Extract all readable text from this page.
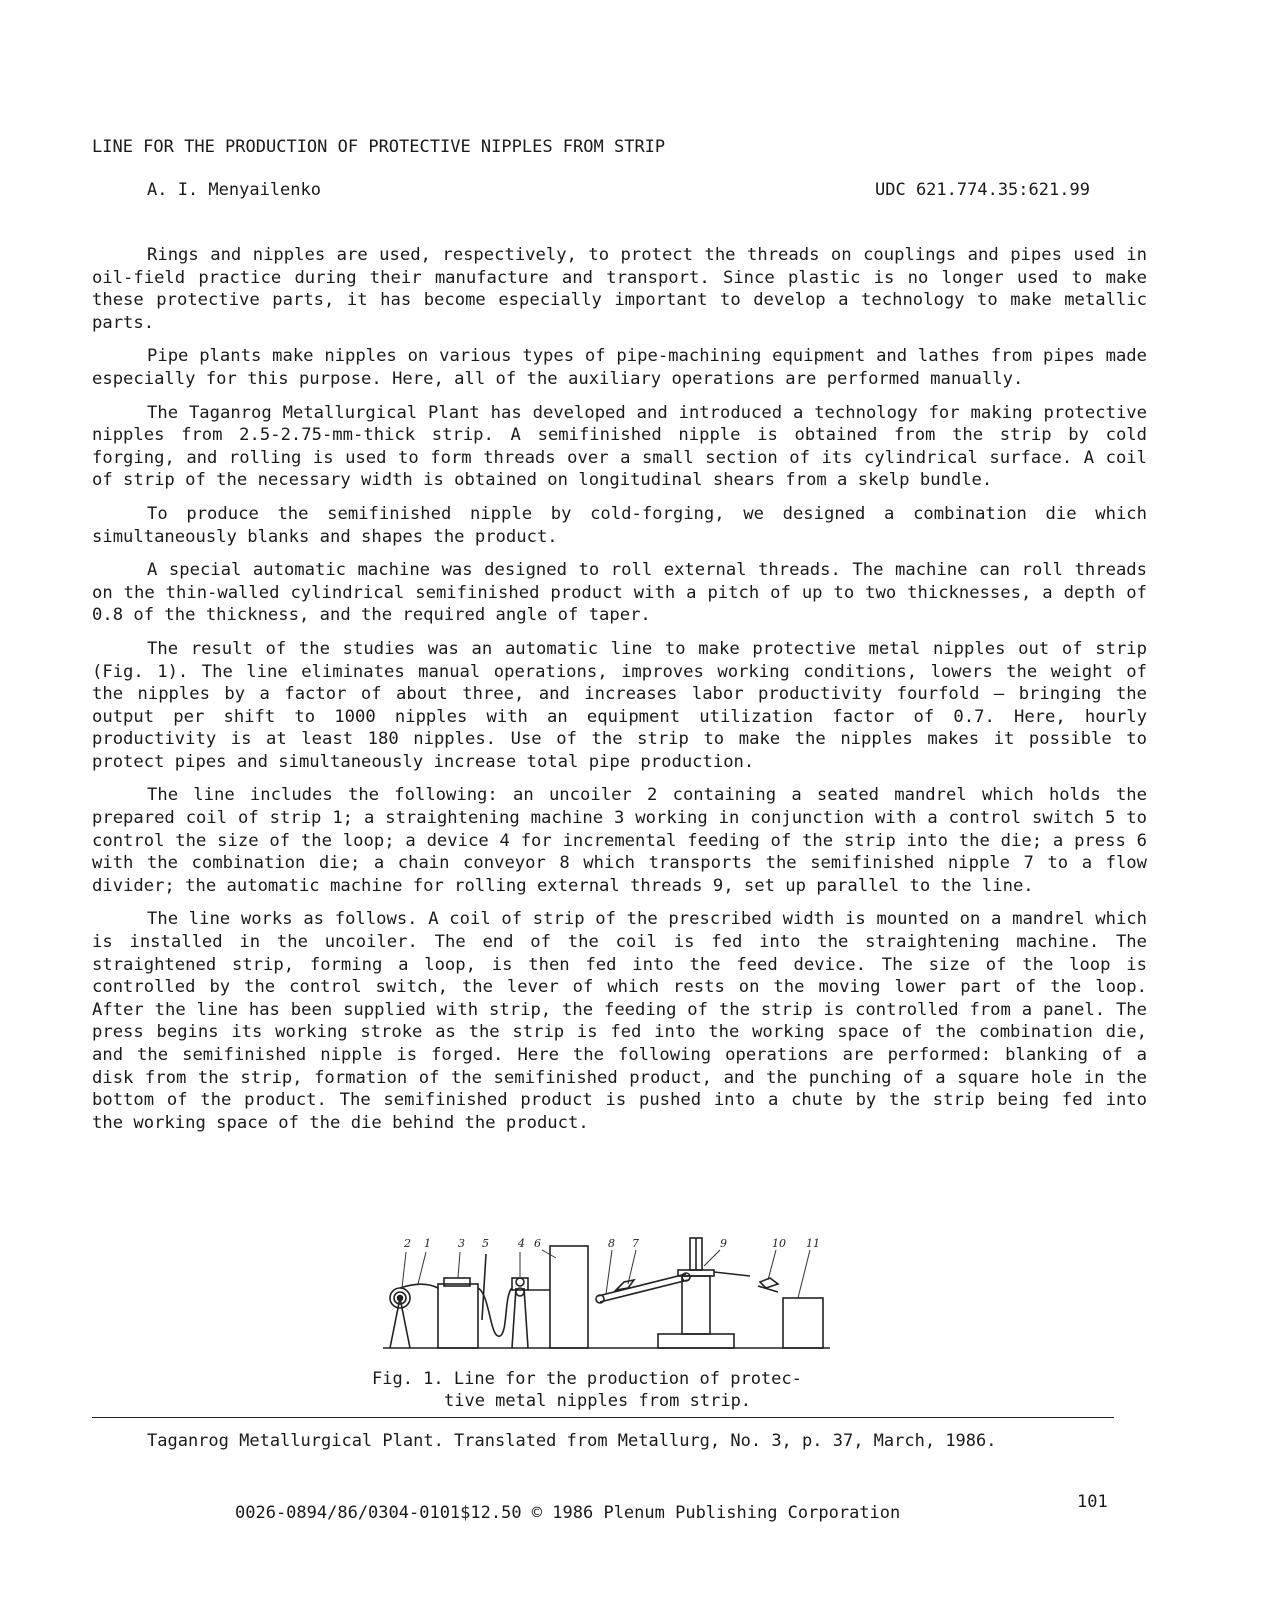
LINE FOR THE PRODUCTION OF PROTECTIVE NIPPLES FROM STRIP
A. I. Menyailenko	UDC 621.774.35:621.99

Rings and nipples are used, respectively, to protect the threads on couplings and pipes used in oil-field practice during their manufacture and transport. Since plastic is no longer used to make these protective parts, it has become especially important to develop a technology to make metallic parts.

Pipe plants make nipples on various types of pipe-machining equipment and lathes from pipes made especially for this purpose. Here, all of the auxiliary operations are performed manually.

The Taganrog Metallurgical Plant has developed and introduced a technology for making protective nipples from 2.5-2.75-mm-thick strip. A semifinished nipple is obtained from the strip by cold forging, and rolling is used to form threads over a small section of its cylindrical surface. A coil of strip of the necessary width is obtained on longitudinal shears from a skelp bundle.

To produce the semifinished nipple by cold-forging, we designed a combination die which simultaneously blanks and shapes the product.

A special automatic machine was designed to roll external threads. The machine can roll threads on the thin-walled cylindrical semifinished product with a pitch of up to two thicknesses, a depth of 0.8 of the thickness, and the required angle of taper.

The result of the studies was an automatic line to make protective metal nipples out of strip (Fig. 1). The line eliminates manual operations, improves working conditions, lowers the weight of the nipples by a factor of about three, and increases labor productivity fourfold — bringing the output per shift to 1000 nipples with an equipment utilization factor of 0.7. Here, hourly productivity is at least 180 nipples. Use of the strip to make the nipples makes it possible to protect pipes and simultaneously increase total pipe production.

The line includes the following: an uncoiler 2 containing a seated mandrel which holds the prepared coil of strip 1; a straightening machine 3 working in conjunction with a control switch 5 to control the size of the loop; a device 4 for incremental feeding of the strip into the die; a press 6 with the combination die; a chain conveyor 8 which transports the semifinished nipple 7 to a flow divider; the automatic machine for rolling external threads 9, set up parallel to the line.

The line works as follows. A coil of strip of the prescribed width is mounted on a mandrel which is installed in the uncoiler. The end of the coil is fed into the straightening machine. The straightened strip, forming a loop, is then fed into the feed device. The size of the loop is controlled by the control switch, the lever of which rests on the moving lower part of the loop. After the line has been supplied with strip, the feeding of the strip is controlled from a panel. The press begins its working stroke as the strip is fed into the working space of the combination die, and the semifinished nipple is forged. Here the following operations are performed: blanking of a disk from the strip, formation of the semifinished product, and the punching of a square hole in the bottom of the product. The semifinished product is pushed into a chute by the strip being fed into the working space of the die behind the product.

2 1 3 5	4 6	8 7	9	10 11
Fig. 1. Line for the production of protec-
tive metal nipples from strip.
Taganrog Metallurgical Plant. Translated from Metallurg, No. 3, p. 37, March, 1986.
0026-0894/86/0304-0101$12.50 © 1986 Plenum Publishing Corporation
101
